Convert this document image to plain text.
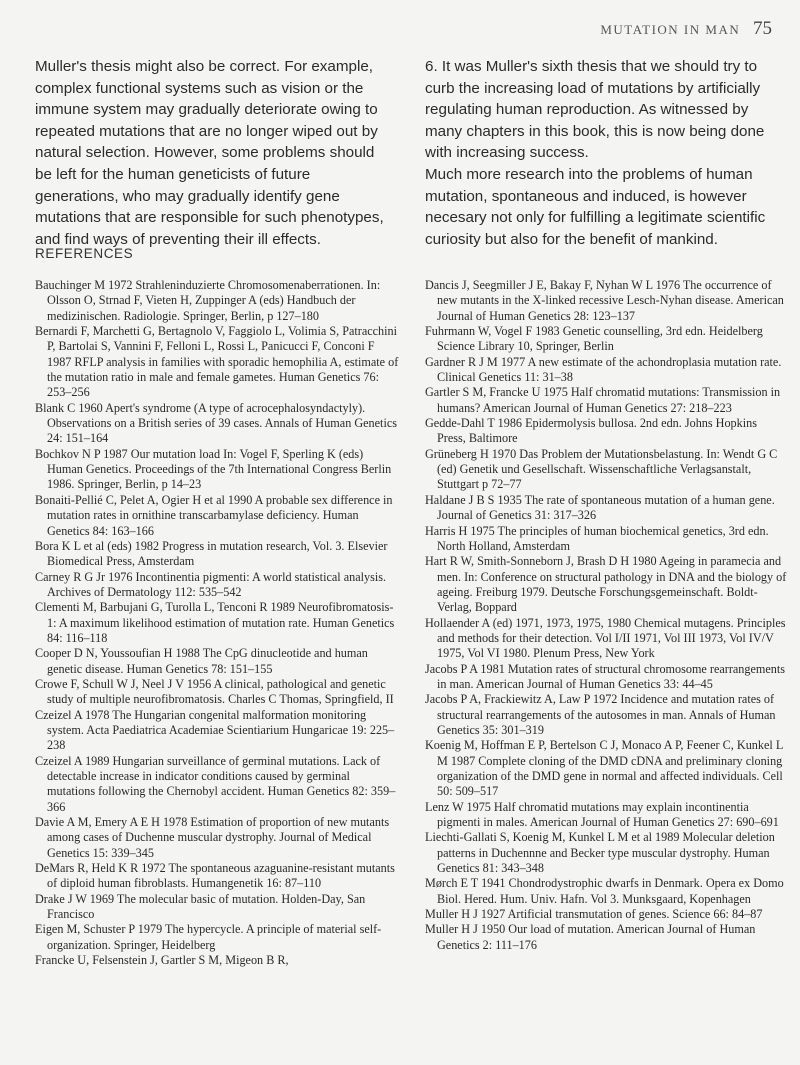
MUTATION IN MAN 75

Muller's thesis might also be correct. For example, complex functional systems such as vision or the immune system may gradually deteriorate owing to repeated mutations that are no longer wiped out by natural selection. However, some problems should be left for the human geneticists of future generations, who may gradually identify gene mutations that are responsible for such phenotypes, and find ways of preventing their ill effects.

6. It was Muller's sixth thesis that we should try to curb the increasing load of mutations by artificially regulating human reproduction. As witnessed by many chapters in this book, this is now being done with increasing success.

Much more research into the problems of human mutation, spontaneous and induced, is however necesary not only for fulfilling a legitimate scientific curiosity but also for the benefit of mankind.

REFERENCES

Bauchinger M 1972 Strahleninduzierte Chromosomenaberrationen. In: Olsson O, Strnad F, Vieten H, Zuppinger A (eds) Handbuch der medizinischen. Radiologie. Springer, Berlin, p 127–180

Bernardi F, Marchetti G, Bertagnolo V, Faggiolo L, Volimia S, Patracchini P, Bartolai S, Vannini F, Felloni L, Rossi L, Panicucci F, Conconi F 1987 RFLP analysis in families with sporadic hemophilia A, estimate of the mutation ratio in male and female gametes. Human Genetics 76: 253–256

Blank C 1960 Apert's syndrome (A type of acrocephalosyndactyly). Observations on a British series of 39 cases. Annals of Human Genetics 24: 151–164

Bochkov N P 1987 Our mutation load In: Vogel F, Sperling K (eds) Human Genetics. Proceedings of the 7th International Congress Berlin 1986. Springer, Berlin, p 14–23

Bonaiti-Pellié C, Pelet A, Ogier H et al 1990 A probable sex difference in mutation rates in ornithine transcarbamylase deficiency. Human Genetics 84: 163–166

Bora K L et al (eds) 1982 Progress in mutation research, Vol. 3. Elsevier Biomedical Press, Amsterdam

Carney R G Jr 1976 Incontinentia pigmenti: A world statistical analysis. Archives of Dermatology 112: 535–542

Clementi M, Barbujani G, Turolla L, Tenconi R 1989 Neurofibromatosis-1: A maximum likelihood estimation of mutation rate. Human Genetics 84: 116–118

Cooper D N, Youssoufian H 1988 The CpG dinucleotide and human genetic disease. Human Genetics 78: 151–155

Crowe F, Schull W J, Neel J V 1956 A clinical, pathological and genetic study of multiple neurofibromatosis. Charles C Thomas, Springfield, II

Czeizel A 1978 The Hungarian congenital malformation monitoring system. Acta Paediatrica Academiae Scientiarium Hungaricae 19: 225–238

Czeizel A 1989 Hungarian surveillance of germinal mutations. Lack of detectable increase in indicator conditions caused by germinal mutations following the Chernobyl accident. Human Genetics 82: 359–366

Davie A M, Emery A E H 1978 Estimation of proportion of new mutants among cases of Duchenne muscular dystrophy. Journal of Medical Genetics 15: 339–345

DeMars R, Held K R 1972 The spontaneous azaguanine-resistant mutants of diploid human fibroblasts. Humangenetik 16: 87–110

Drake J W 1969 The molecular basic of mutation. Holden-Day, San Francisco

Eigen M, Schuster P 1979 The hypercycle. A principle of material self-organization. Springer, Heidelberg

Francke U, Felsenstein J, Gartler S M, Migeon B R,

Dancis J, Seegmiller J E, Bakay F, Nyhan W L 1976 The occurrence of new mutants in the X-linked recessive Lesch-Nyhan disease. American Journal of Human Genetics 28: 123–137

Fuhrmann W, Vogel F 1983 Genetic counselling, 3rd edn. Heidelberg Science Library 10, Springer, Berlin

Gardner R J M 1977 A new estimate of the achondroplasia mutation rate. Clinical Genetics 11: 31–38

Gartler S M, Francke U 1975 Half chromatid mutations: Transmission in humans? American Journal of Human Genetics 27: 218–223

Gedde-Dahl T 1986 Epidermolysis bullosa. 2nd edn. Johns Hopkins Press, Baltimore

Grüneberg H 1970 Das Problem der Mutationsbelastung. In: Wendt G C (ed) Genetik und Gesellschaft. Wissenschaftliche Verlagsanstalt, Stuttgart p 72–77

Haldane J B S 1935 The rate of spontaneous mutation of a human gene. Journal of Genetics 31: 317–326

Harris H 1975 The principles of human biochemical genetics, 3rd edn. North Holland, Amsterdam

Hart R W, Smith-Sonneborn J, Brash D H 1980 Ageing in paramecia and men. In: Conference on structural pathology in DNA and the biology of ageing. Freiburg 1979. Deutsche Forschungsgemeinschaft. Boldt-Verlag, Boppard

Hollaender A (ed) 1971, 1973, 1975, 1980 Chemical mutagens. Principles and methods for their detection. Vol I/II 1971, Vol III 1973, Vol IV/V 1975, Vol VI 1980. Plenum Press, New York

Jacobs P A 1981 Mutation rates of structural chromosome rearrangements in man. American Journal of Human Genetics 33: 44–45

Jacobs P A, Frackiewitz A, Law P 1972 Incidence and mutation rates of structural rearrangements of the autosomes in man. Annals of Human Genetics 35: 301–319

Koenig M, Hoffman E P, Bertelson C J, Monaco A P, Feener C, Kunkel L M 1987 Complete cloning of the DMD cDNA and preliminary cloning organization of the DMD gene in normal and affected individuals. Cell 50: 509–517

Lenz W 1975 Half chromatid mutations may explain incontinentia pigmenti in males. American Journal of Human Genetics 27: 690–691

Liechti-Gallati S, Koenig M, Kunkel L M et al 1989 Molecular deletion patterns in Duchennne and Becker type muscular dystrophy. Human Genetics 81: 343–348

Mørch E T 1941 Chondrodystrophic dwarfs in Denmark. Opera ex Domo Biol. Hered. Hum. Univ. Hafn. Vol 3. Munksgaard, Kopenhagen

Muller H J 1927 Artificial transmutation of genes. Science 66: 84–87

Muller H J 1950 Our load of mutation. American Journal of Human Genetics 2: 111–176
